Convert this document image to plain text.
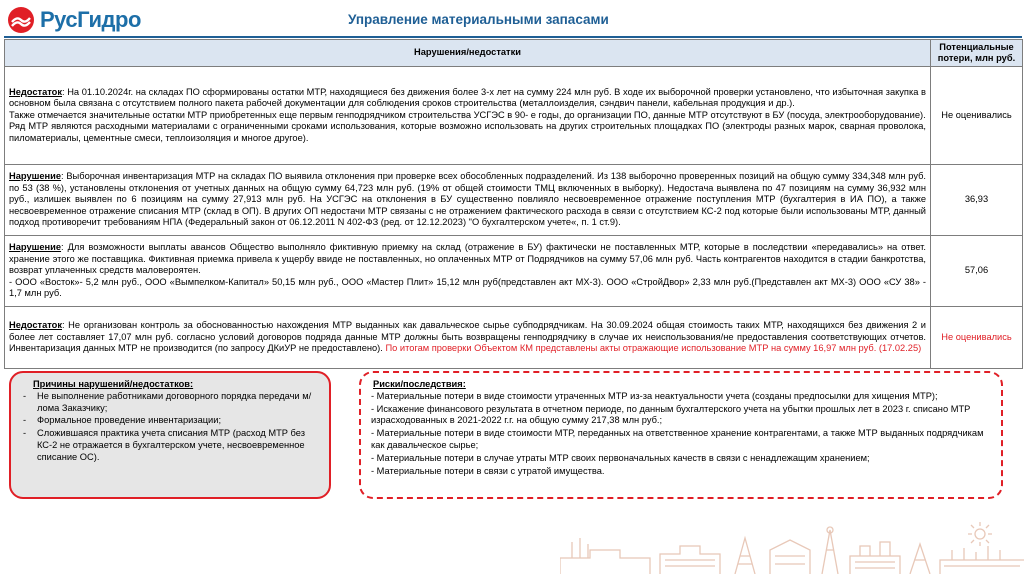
РусГидро	Управление материальными запасами
Нарушения/недостатки	Потенциальные потери, млн руб.
Недостаток: На 01.10.2024г. на складах ПО сформированы остатки МТР, находящиеся без движения более 3-х лет на сумму 224 млн руб. В ходе их выборочной проверки установлено, что избыточная закупка в основном была связана с отсутствием полного пакета рабочей документации для соблюдения сроков строительства (металлоизделия, сэндвич панели, кабельная продукция и др.).
Также отмечается значительные остатки МТР приобретенных еще первым генподрядчиком строительства УСГЭС в 90- е годы, до организации ПО, данные МТР отсутствуют в БУ (посуда, электрооборудование).
Ряд МТР являются расходными материалами с ограниченными сроками использования, которые возможно использовать на других строительных площадках ПО (электроды разных марок, сварная проволока, пиломатериалы, цементные смеси, теплоизоляция и многое другое).	Не оценивались
Нарушение: Выборочная инвентаризация МТР на складах ПО выявила отклонения при проверке всех обособленных подразделений. Из 138 выборочно проверенных позиций на общую сумму 334,348 млн руб. по 53 (38 %), установлены отклонения от учетных данных на общую сумму 64,723 млн руб. (19% от общей стоимости ТМЦ включенных в выборку). Недостача выявлена по 47 позициям на сумму 36,932 млн руб., излишек выявлен по 6 позициям на сумму 27,913 млн руб. На УСГЭС на отклонения в БУ существенно повлияло несвоевременное отражение поступления МТР (бухгалтерия в ИА ПО), а также несвоевременное отражение списания МТР (склад в ОП). В других ОП недостачи МТР связаны с не отражением фактического расхода в связи с отсутствием КС-2 под которые были использованы МТР, данный подход противоречит требованиям НПА (Федеральный закон от 06.12.2011 N 402-ФЗ (ред. от 12.12.2023) "О бухгалтерском учете«, п. 1 ст.9).	36,93
Нарушение: Для возможности выплаты авансов Общество выполняло фиктивную приемку на склад (отражение в БУ) фактически не поставленных МТР, которые в последствии «передавались» на ответ. хранение этого же поставщика. Фиктивная приемка привела к ущербу ввиде не поставленных, но оплаченных МТР от Подрядчиков на сумму 57,06 млн руб. Часть контрагентов находится в стадии банкротства, возврат уплаченных средств маловероятен.
- ООО «Восток»- 5,2 млн руб., ООО «Вымпелком-Капитал» 50,15 млн руб., ООО «Мастер Плит» 15,12 млн руб(представлен акт МХ-3). ООО «СтройДвор» 2,33 млн руб.(Представлен акт МХ-3) ООО «СУ 38» - 1,7 млн руб.	57,06
Недостаток: Не организован контроль за обоснованностью нахождения МТР выданных как давальческое сырье субподрядчикам. На 30.09.2024 общая стоимость таких МТР, находящихся без движения 2 и более лет составляет 17,07 млн руб. согласно условий договоров подряда данные МТР должны быть возвращены генподрядчику в случае их неиспользования/не предоставления соответствующих отчетов. Инвентаризация данных МТР не производится (по запросу ДКиУР не предоставлено). По итогам проверки Объектом КМ представлены акты отражающие использование МТР на сумму 16,97 млн руб. (17.02.25)	Не оценивались
Причины нарушений/недостатков:
-	Не выполнение работниками договорного порядка передачи м/лома Заказчику;
-	Формальное проведение инвентаризации;
-	Сложившаяся практика учета списания МТР (расход МТР без КС-2 не отражается в бухгалтерском учете, несвоевременное списание ОС).
Риски/последствия:

- Материальные потери в виде стоимости утраченных МТР из-за неактуальности учета (созданы предпосылки для хищения МТР);

- Искажение финансового результата в отчетном периоде, по данным бухгалтерского учета на убытки прошлых лет в 2023 г. списано МТР израсходованных в 2021-2022 г.г. на общую сумму 217,38 млн руб.;

- Материальные потери в виде стоимости МТР, переданных на ответственное хранение контрагентами, а также МТР выданных подрядчикам как давальческое сырье;

- Материальные потери в случае утраты МТР своих первоначальных качеств в связи с ненадлежащим хранением;

- Материальные потери в связи с утратой имущества.
